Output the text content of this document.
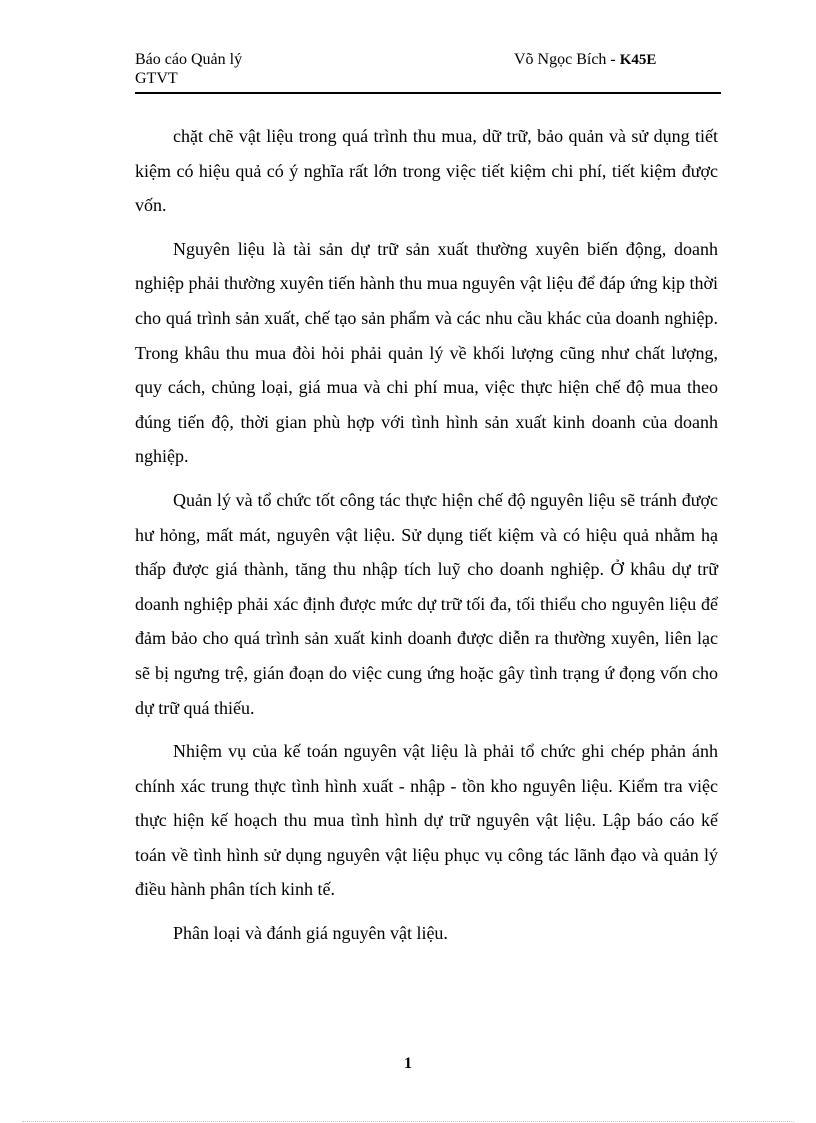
Báo cáo Quản lý
GTVT
Võ Ngọc Bích - K45E

chặt chẽ vật liệu trong quá trình thu mua, dữ trữ, bảo quản và sử dụng tiết kiệm có hiệu quả có ý nghĩa rất lớn trong việc tiết kiệm chi phí, tiết kiệm được vốn.

Nguyên liệu là tài sản dự trữ sản xuất thường xuyên biến động, doanh nghiệp phải thường xuyên tiến hành thu mua nguyên vật liệu để đáp ứng kịp thời cho quá trình sản xuất, chế tạo sản phẩm và các nhu cầu khác của doanh nghiệp. Trong khâu thu mua đòi hỏi phải quản lý về khối lượng cũng như chất lượng, quy cách, chủng loại, giá mua và chi phí mua, việc thực hiện chế độ mua theo đúng tiến độ, thời gian phù hợp với tình hình sản xuất kinh doanh của doanh nghiệp.

Quản lý và tổ chức tốt công tác thực hiện chế độ nguyên liệu sẽ tránh được hư hỏng, mất mát, nguyên vật liệu. Sử dụng tiết kiệm và có hiệu quả nhằm hạ thấp được giá thành, tăng thu nhập tích luỹ cho doanh nghiệp. Ở khâu dự trữ doanh nghiệp phải xác định được mức dự trữ tối đa, tối thiểu cho nguyên liệu để đảm bảo cho quá trình sản xuất kinh doanh được diễn ra thường xuyên, liên lạc sẽ bị ngưng trệ, gián đoạn do việc cung ứng hoặc gây tình trạng ứ đọng vốn cho dự trữ quá thiếu.

Nhiệm vụ của kế toán nguyên vật liệu là phải tổ chức ghi chép phản ánh chính xác trung thực tình hình xuất - nhập - tồn kho nguyên liệu. Kiểm tra việc thực hiện kế hoạch thu mua tình hình dự trữ nguyên vật liệu. Lập báo cáo kế toán về tình hình sử dụng nguyên vật liệu phục vụ công tác lãnh đạo và quản lý điều hành phân tích kinh tế.

Phân loại và đánh giá nguyên vật liệu.

1
